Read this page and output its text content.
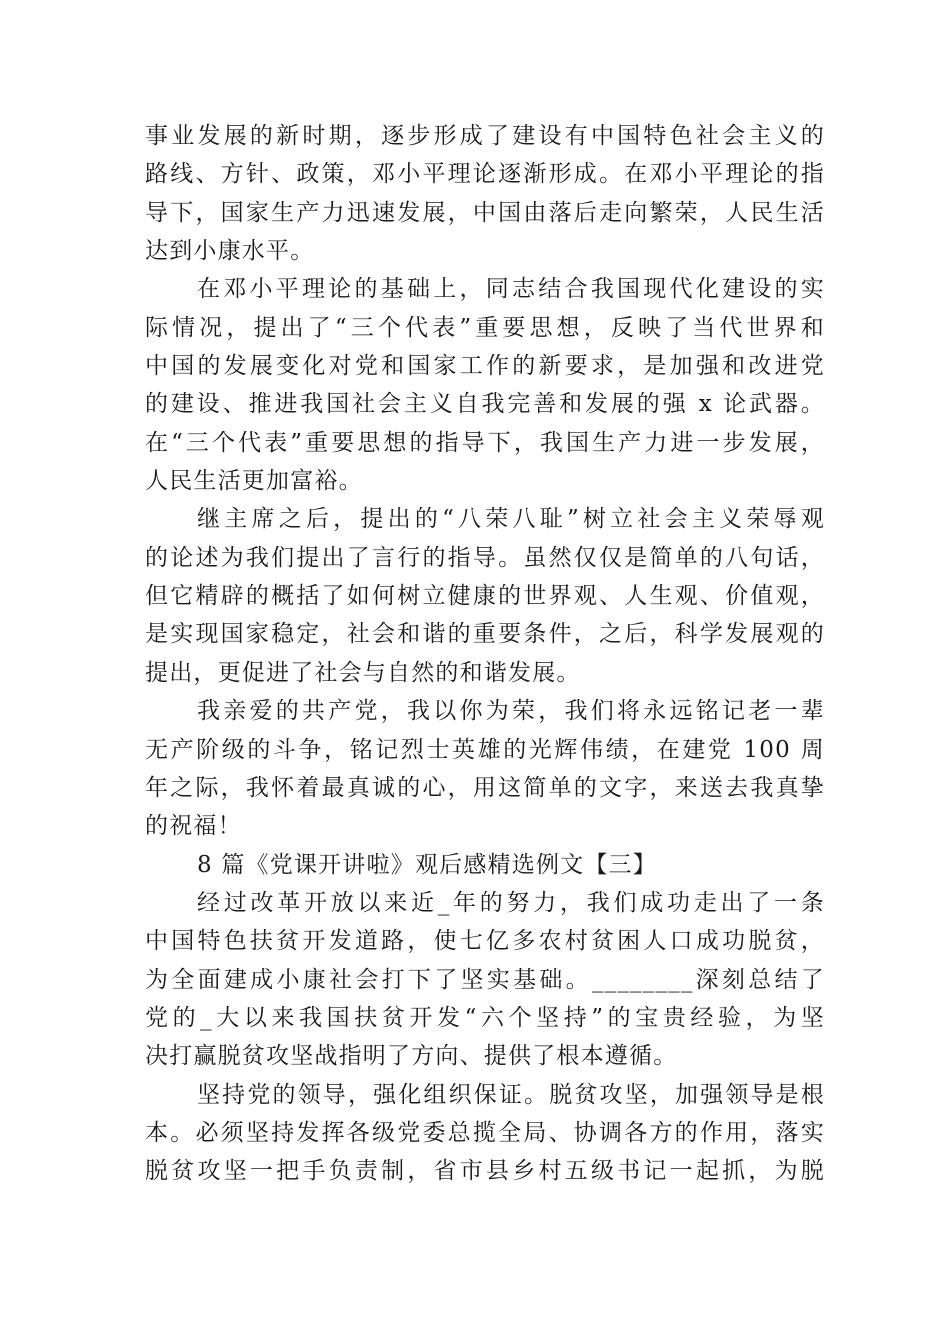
事业发展的新时期，逐步形成了建设有中国特色社会主义的
路线、方针、政策，邓小平理论逐渐形成。在邓小平理论的指
导下，国家生产力迅速发展，中国由落后走向繁荣，人民生活
达到小康水平。
在邓小平理论的基础上，同志结合我国现代化建设的实
际情况，提出了“三个代表”重要思想，反映了当代世界和
中国的发展变化对党和国家工作的新要求，是加强和改进党
的建设、推进我国社会主义自我完善和发展的强 x 论武器。
在“三个代表”重要思想的指导下，我国生产力进一步发展，
人民生活更加富裕。
继主席之后，提出的“八荣八耻”树立社会主义荣辱观
的论述为我们提出了言行的指导。虽然仅仅是简单的八句话，
但它精辟的概括了如何树立健康的世界观、人生观、价值观，
是实现国家稳定，社会和谐的重要条件，之后，科学发展观的
提出，更促进了社会与自然的和谐发展。
我亲爱的共产党，我以你为荣，我们将永远铭记老一辈
无产阶级的斗争，铭记烈士英雄的光辉伟绩，在建党 100 周
年之际，我怀着最真诚的心，用这简单的文字，来送去我真挚
的祝福！
8 篇《党课开讲啦》观后感精选例文【三】
经过改革开放以来近_年的努力，我们成功走出了一条
中国特色扶贫开发道路，使七亿多农村贫困人口成功脱贫，
为全面建成小康社会打下了坚实基础。________深刻总结了
党的_大以来我国扶贫开发“六个坚持”的宝贵经验，为坚
决打赢脱贫攻坚战指明了方向、提供了根本遵循。
坚持党的领导，强化组织保证。脱贫攻坚，加强领导是根
本。必须坚持发挥各级党委总揽全局、协调各方的作用，落实
脱贫攻坚一把手负责制，省市县乡村五级书记一起抓，为脱
